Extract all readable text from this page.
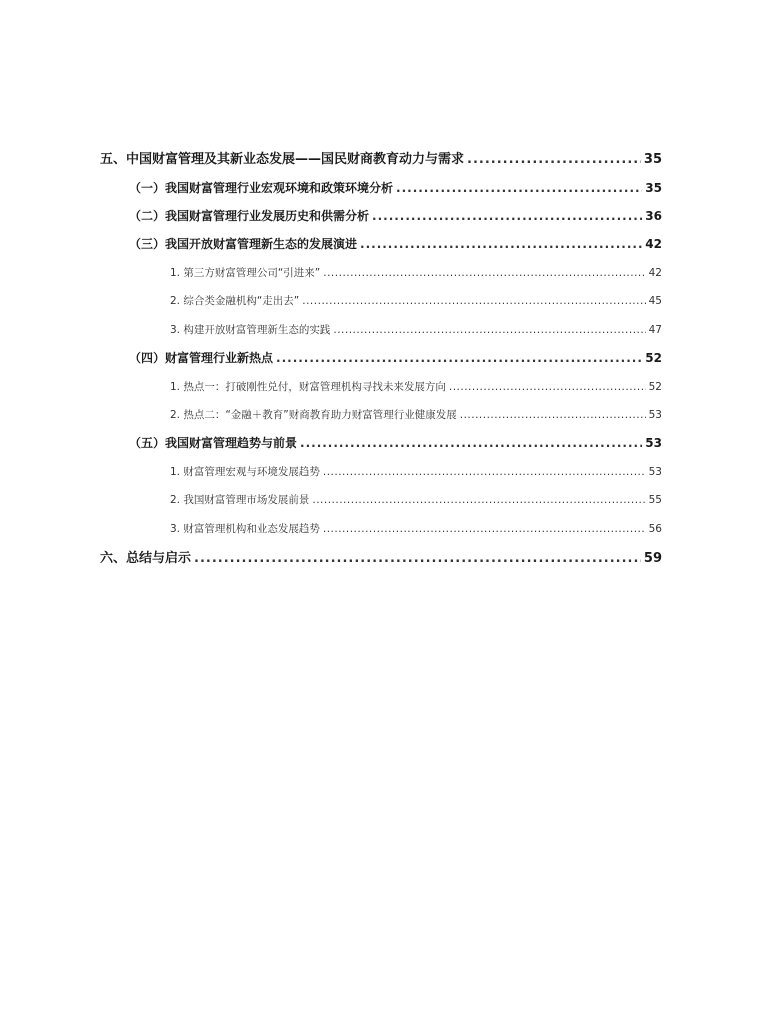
五、中国财富管理及其新业态发展——国民财商教育动力与需求 .....	35
（一）我国财富管理行业宏观环境和政策环境分析 .....	35
（二）我国财富管理行业发展历史和供需分析 .....	36
（三）我国开放财富管理新生态的发展演进 .....	42
1. 第三方财富管理公司“引进来” .....	42
2. 综合类金融机构“走出去” .....	45
3. 构建开放财富管理新生态的实践 .....	47
（四）财富管理行业新热点 .....	52
1. 热点一：打破刚性兑付，财富管理机构寻找未来发展方向 .....	52
2. 热点二：“金融＋教育”财商教育助力财富管理行业健康发展 .....	53
（五）我国财富管理趋势与前景 .....	53
1. 财富管理宏观与环境发展趋势 .....	53
2. 我国财富管理市场发展前景 .....	55
3. 财富管理机构和业态发展趋势 .....	56
六、总结与启示 .....	59
